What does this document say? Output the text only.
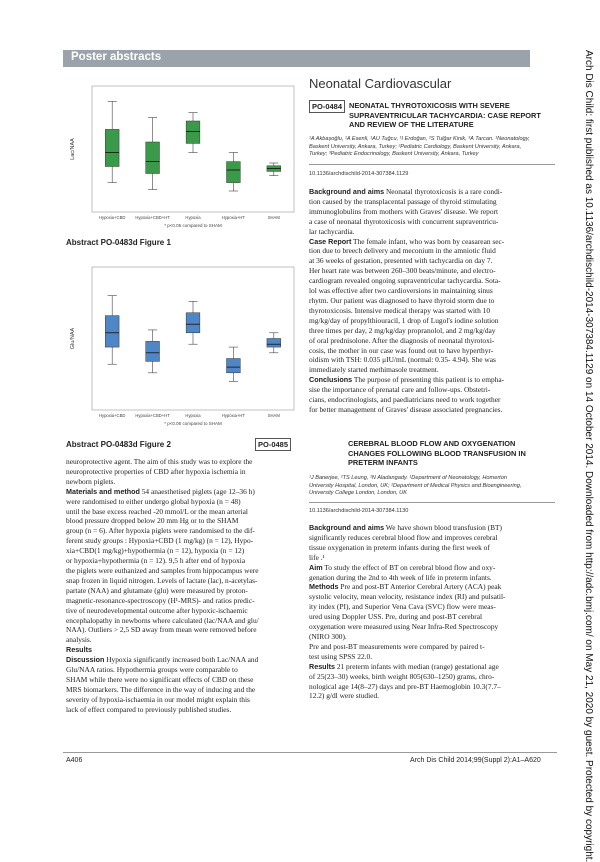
Poster abstracts	Arch Dis Child: first published as 10.1136/archdischild-2014-307384.1129 on 14 October 2014. Downloaded from http://adc.bmj.com/ on May 21, 2020 by guest. Protected by copyright.
Lac/NAA
Hypoxia+CBD Hypoxia+CBD+HT	Hypoxia	Hypoxia+HT	SHAM
* p<0.05 compared to SHAM
Abstract PO-0483d Figure 1
Glu/NAA
Hypoxia+CBD Hypoxia+CBD+HT	Hypoxia	Hypoxia+HT	SHAM
* p<0.05 compared to SHAM
Abstract PO-0483d Figure 2
neuroprotective agent. The aim of this study was to explore the
neuroprotective properties of CBD after hypoxia ischemia in
newborn piglets.
Materials and method 54 anaesthetised piglets (age 12–36 h)
were randomised to either undergo global hypoxia (n = 48)
until the base excess reached -20 mmol/L or the mean arterial
blood pressure dropped below 20 mm Hg or to the SHAM
group (n = 6). After hypoxia piglets were randomised to the dif-
ferent study groups : Hypoxia+CBD (1 mg/kg) (n = 12), Hypo-
xia+CBD(1 mg/kg)+hypothermia (n = 12), hypoxia (n = 12)
or hypoxia+hypothermia (n = 12). 9,5 h after end of hypoxia
the piglets were euthanized and samples from hippocampus were
snap frozen in liquid nitrogen. Levels of lactate (lac), n-acetylas-
partate (NAA) and glutamate (glu) were measured by proton-
magnetic-resonance-spectroscopy (H¹-MRS)- and ratios predic-
tive of neurodevelopmental outcome after hypoxic-ischaemic
encephalopathy in newborns where calculated (lac/NAA and glu/
NAA). Outliers > 2,5 SD away from mean were removed before
analysis.
Results
Discussion Hypoxia significantly increased both Lac/NAA and
Glu/NAA ratios. Hypothermia groups were comparable to
SHAM while there were no significant effects of CBD on these
MRS biomarkers. The difference in the way of inducing and the
severity of hypoxia-ischaemia in our model might explain this
lack of effect compared to previously published studies.
Neonatal Cardiovascular
PO-0484 NEONATAL THYROTOXICOSIS WITH SEVERE
SUPRAVENTRICULAR TACHYCARDIA: CASE REPORT
AND REVIEW OF THE LITERATURE
¹A Akbaşoğlu, ¹A Esenli, ¹AU Tuğcu, ¹İ Erdoğan, ²S Tulğar Kinik, ³A Tarcan. ¹Neonatology,
Baskent University, Ankara, Turkey; ²Pediatric Cardiology, Baskent University, Ankara,
Turkey; ³Pediatric Endocrinology, Baskent University, Ankara, Turkey
10.1136/archdischild-2014-307384.1129
Background and aims Neonatal thyrotoxicosis is a rare condi-
tion caused by the transplacental passage of thyroid stimulating
immunoglobulins from mothers with Graves' disease. We report
a case of neonatal thyrotoxicosis with concurrent supraventricu-
lar tachycardia.
Case Report The female infant, who was born by ceasarean sec-
tion due to breech delivery and meconium in the amniotic fluid
at 36 weeks of gestation, presented with tachycardia on day 7.
Her heart rate was between 260–300 beats/minute, and electro-
cardiogram revealed ongoing supraventricular tachycardia. Sota-
lol was effective after two cardioversions in maintaining sinus
rhytm. Our patient was diagnosed to have thyroid storm due to
thyrotoxicosis. Intensive medical therapy was started with 10
mg/kg/day of propylthiouracil, 1 drop of Lugol's iodine solution
three times per day, 2 mg/kg/day propranolol, and 2 mg/kg/day
of oral prednisolone. After the diagnosis of neonatal thyrotoxi-
cosis, the mother in our case was found out to have hyperthyr-
oidism with TSH: 0.035 μIU/mL (normal: 0.35- 4.94). She was
immediately started methimasole treatment.
Conclusions The purpose of presenting this patient is to empha-
sise the importance of prenatal care and follow-ups. Obstetri-
cians, endocrinologists, and paediatricians need to work together
for better management of Graves' disease associated pregnancies.
PO-0485	CEREBRAL BLOOD FLOW AND OXYGENATION
CHANGES FOLLOWING BLOOD TRANSFUSION IN
PRETERM INFANTS
¹J Banerjee, ²TS Leung, ¹N Aladangady. ¹Department of Neonatology, Homerton
University Hospital, London, UK; ²Department of Medical Physics and Bioengineering,
University College London, London, UK
10.1136/archdischild-2014-307384.1130
Background and aims We have shown blood transfusion (BT)
significantly reduces cerebral blood flow and improves cerebral
tissue oxygenation in preterm infants during the first week of
life .¹
Aim To study the effect of BT on cerebral blood flow and oxy-
genation during the 2nd to 4th week of life in preterm infants.
Methods Pre and post-BT Anterior Cerebral Artery (ACA) peak
systolic velocity, mean velocity, resistance index (RI) and pulsatil-
ity index (PI), and Superior Vena Cava (SVC) flow were meas-
ured using Doppler USS. Pre, during and post-BT cerebral
oxygenation were measured using Near Infra-Red Spectroscopy
(NIRO 300).
Pre and post-BT measurements were compared by paired t-
test using SPSS 22.0.
Results 21 preterm infants with median (range) gestational age
of 25(23–30) weeks, birth weight 805(630–1250) grams, chro-
nological age 14(8–27) days and pre-BT Haemoglobin 10.3(7.7–
12.2) g/dl were studied.
A406	Arch Dis Child 2014;99(Suppl 2):A1–A620
